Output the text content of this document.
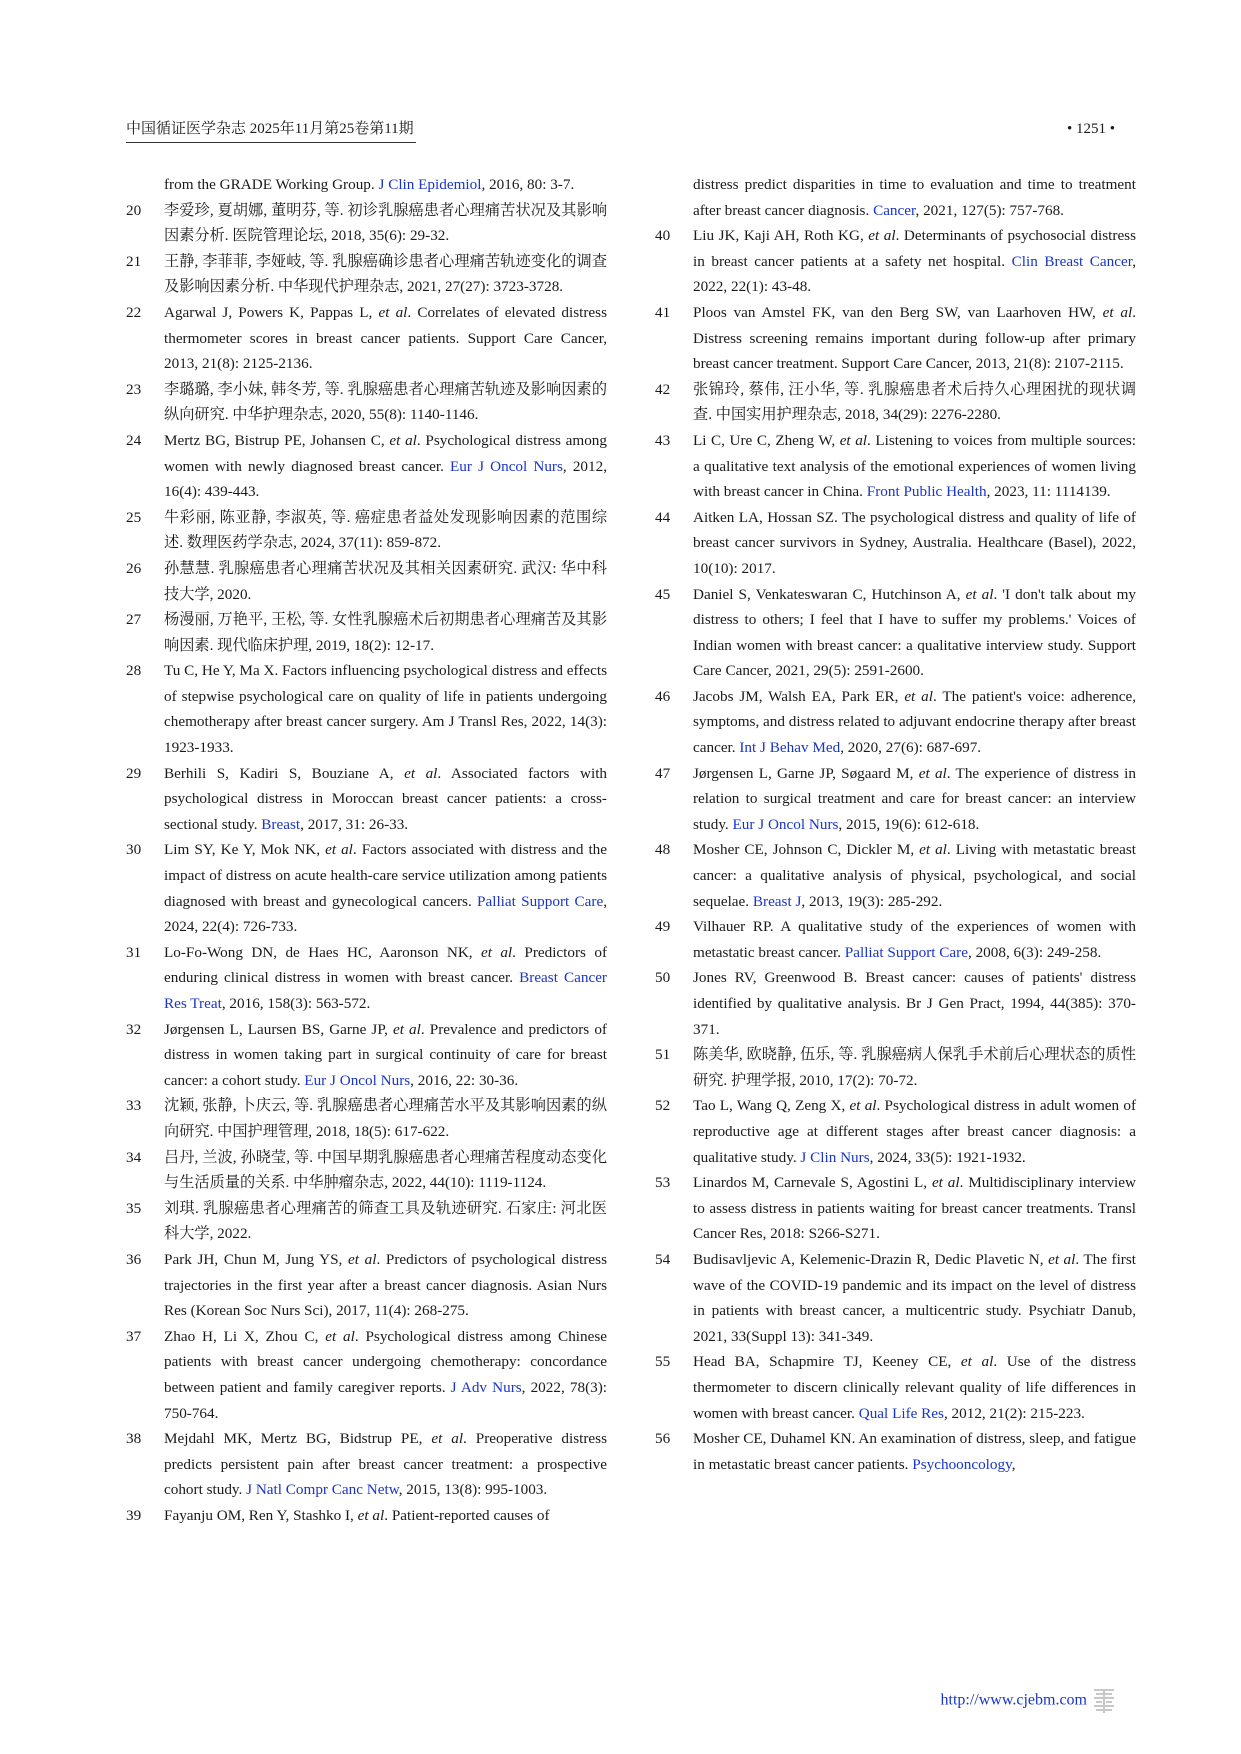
中国循证医学杂志 2025年11月第25卷第11期	• 1251 •
from the GRADE Working Group. J Clin Epidemiol, 2016, 80: 3-7.
20	李爱珍, 夏胡娜, 董明芬, 等. 初诊乳腺癌患者心理痛苦状况及其影响因素分析. 医院管理论坛, 2018, 35(6): 29-32.
21	王静, 李菲菲, 李娅岐, 等. 乳腺癌确诊患者心理痛苦轨迹变化的调查及影响因素分析. 中华现代护理杂志, 2021, 27(27): 3723-3728.
22	Agarwal J, Powers K, Pappas L, et al. Correlates of elevated distress thermometer scores in breast cancer patients. Support Care Cancer, 2013, 21(8): 2125-2136.
23	李璐璐, 李小妹, 韩冬芳, 等. 乳腺癌患者心理痛苦轨迹及影响因素的纵向研究. 中华护理杂志, 2020, 55(8): 1140-1146.
24	Mertz BG, Bistrup PE, Johansen C, et al. Psychological distress among women with newly diagnosed breast cancer. Eur J Oncol Nurs, 2012, 16(4): 439-443.
25	牛彩丽, 陈亚静, 李淑英, 等. 癌症患者益处发现影响因素的范围综述. 数理医药学杂志, 2024, 37(11): 859-872.
26	孙慧慧. 乳腺癌患者心理痛苦状况及其相关因素研究. 武汉: 华中科技大学, 2020.
27	杨漫丽, 万艳平, 王松, 等. 女性乳腺癌术后初期患者心理痛苦及其影响因素. 现代临床护理, 2019, 18(2): 12-17.
28	Tu C, He Y, Ma X. Factors influencing psychological distress and effects of stepwise psychological care on quality of life in patients undergoing chemotherapy after breast cancer surgery. Am J Transl Res, 2022, 14(3): 1923-1933.
29	Berhili S, Kadiri S, Bouziane A, et al. Associated factors with psychological distress in Moroccan breast cancer patients: a cross-sectional study. Breast, 2017, 31: 26-33.
30	Lim SY, Ke Y, Mok NK, et al. Factors associated with distress and the impact of distress on acute health-care service utilization among patients diagnosed with breast and gynecological cancers. Palliat Support Care, 2024, 22(4): 726-733.
31	Lo-Fo-Wong DN, de Haes HC, Aaronson NK, et al. Predictors of enduring clinical distress in women with breast cancer. Breast Cancer Res Treat, 2016, 158(3): 563-572.
32	Jørgensen L, Laursen BS, Garne JP, et al. Prevalence and predictors of distress in women taking part in surgical continuity of care for breast cancer: a cohort study. Eur J Oncol Nurs, 2016, 22: 30-36.
33	沈颖, 张静, 卜庆云, 等. 乳腺癌患者心理痛苦水平及其影响因素的纵向研究. 中国护理管理, 2018, 18(5): 617-622.
34	吕丹, 兰波, 孙晓莹, 等. 中国早期乳腺癌患者心理痛苦程度动态变化与生活质量的关系. 中华肿瘤杂志, 2022, 44(10): 1119-1124.
35	刘琪. 乳腺癌患者心理痛苦的筛查工具及轨迹研究. 石家庄: 河北医科大学, 2022.
36	Park JH, Chun M, Jung YS, et al. Predictors of psychological distress trajectories in the first year after a breast cancer diagnosis. Asian Nurs Res (Korean Soc Nurs Sci), 2017, 11(4): 268-275.
37	Zhao H, Li X, Zhou C, et al. Psychological distress among Chinese patients with breast cancer undergoing chemotherapy: concordance between patient and family caregiver reports. J Adv Nurs, 2022, 78(3): 750-764.
38	Mejdahl MK, Mertz BG, Bidstrup PE, et al. Preoperative distress predicts persistent pain after breast cancer treatment: a prospective cohort study. J Natl Compr Canc Netw, 2015, 13(8): 995-1003.
39	Fayanju OM, Ren Y, Stashko I, et al. Patient-reported causes of
distress predict disparities in time to evaluation and time to treatment after breast cancer diagnosis. Cancer, 2021, 127(5): 757-768.
40	Liu JK, Kaji AH, Roth KG, et al. Determinants of psychosocial distress in breast cancer patients at a safety net hospital. Clin Breast Cancer, 2022, 22(1): 43-48.
41	Ploos van Amstel FK, van den Berg SW, van Laarhoven HW, et al. Distress screening remains important during follow-up after primary breast cancer treatment. Support Care Cancer, 2013, 21(8): 2107-2115.
42	张锦玲, 蔡伟, 汪小华, 等. 乳腺癌患者术后持久心理困扰的现状调查. 中国实用护理杂志, 2018, 34(29): 2276-2280.
43	Li C, Ure C, Zheng W, et al. Listening to voices from multiple sources: a qualitative text analysis of the emotional experiences of women living with breast cancer in China. Front Public Health, 2023, 11: 1114139.
44	Aitken LA, Hossan SZ. The psychological distress and quality of life of breast cancer survivors in Sydney, Australia. Healthcare (Basel), 2022, 10(10): 2017.
45	Daniel S, Venkateswaran C, Hutchinson A, et al. 'I don't talk about my distress to others; I feel that I have to suffer my problems.' Voices of Indian women with breast cancer: a qualitative interview study. Support Care Cancer, 2021, 29(5): 2591-2600.
46	Jacobs JM, Walsh EA, Park ER, et al. The patient's voice: adherence, symptoms, and distress related to adjuvant endocrine therapy after breast cancer. Int J Behav Med, 2020, 27(6): 687-697.
47	Jørgensen L, Garne JP, Søgaard M, et al. The experience of distress in relation to surgical treatment and care for breast cancer: an interview study. Eur J Oncol Nurs, 2015, 19(6): 612-618.
48	Mosher CE, Johnson C, Dickler M, et al. Living with metastatic breast cancer: a qualitative analysis of physical, psychological, and social sequelae. Breast J, 2013, 19(3): 285-292.
49	Vilhauer RP. A qualitative study of the experiences of women with metastatic breast cancer. Palliat Support Care, 2008, 6(3): 249-258.
50	Jones RV, Greenwood B. Breast cancer: causes of patients' distress identified by qualitative analysis. Br J Gen Pract, 1994, 44(385): 370-371.
51	陈美华, 欧晓静, 伍乐, 等. 乳腺癌病人保乳手术前后心理状态的质性研究. 护理学报, 2010, 17(2): 70-72.
52	Tao L, Wang Q, Zeng X, et al. Psychological distress in adult women of reproductive age at different stages after breast cancer diagnosis: a qualitative study. J Clin Nurs, 2024, 33(5): 1921-1932.
53	Linardos M, Carnevale S, Agostini L, et al. Multidisciplinary interview to assess distress in patients waiting for breast cancer treatments. Transl Cancer Res, 2018: S266-S271.
54	Budisavljevic A, Kelemenic-Drazin R, Dedic Plavetic N, et al. The first wave of the COVID-19 pandemic and its impact on the level of distress in patients with breast cancer, a multicentric study. Psychiatr Danub, 2021, 33(Suppl 13): 341-349.
55	Head BA, Schapmire TJ, Keeney CE, et al. Use of the distress thermometer to discern clinically relevant quality of life differences in women with breast cancer. Qual Life Res, 2012, 21(2): 215-223.
56	Mosher CE, Duhamel KN. An examination of distress, sleep, and fatigue in metastatic breast cancer patients. Psychooncology,
http://www.cjebm.com
